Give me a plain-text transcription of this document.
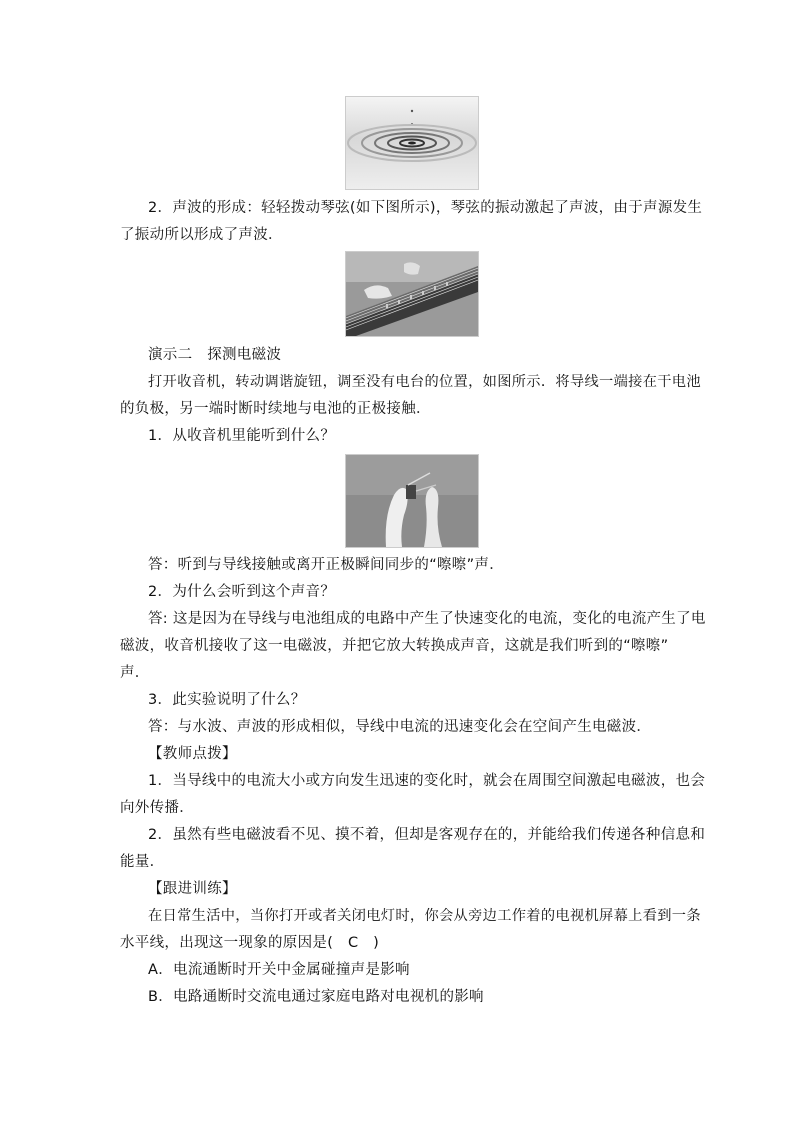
2．声波的形成：轻轻拨动琴弦(如下图所示)，琴弦的振动激起了声波，由于声源发生
了振动所以形成了声波．
演示二　探测电磁波
打开收音机，转动调谐旋钮，调至没有电台的位置，如图所示．将导线一端接在干电池
的负极，另一端时断时续地与电池的正极接触．
1．从收音机里能听到什么？
答：听到与导线接触或离开正极瞬间同步的“嚓嚓”声．
2．为什么会听到这个声音？
答: 这是因为在导线与电池组成的电路中产生了快速变化的电流，变化的电流产生了电
磁波，收音机接收了这一电磁波，并把它放大转换成声音，这就是我们听到的“嚓嚓”
声．
3．此实验说明了什么？
答：与水波、声波的形成相似，导线中电流的迅速变化会在空间产生电磁波．
【教师点拨】
1．当导线中的电流大小或方向发生迅速的变化时，就会在周围空间激起电磁波，也会
向外传播．
2．虽然有些电磁波看不见、摸不着，但却是客观存在的，并能给我们传递各种信息和
能量．
【跟进训练】
在日常生活中，当你打开或者关闭电灯时，你会从旁边工作着的电视机屏幕上看到一条
水平线，出现这一现象的原因是(　C　)
A．电流通断时开关中金属碰撞声是影响
B．电路通断时交流电通过家庭电路对电视机的影响
